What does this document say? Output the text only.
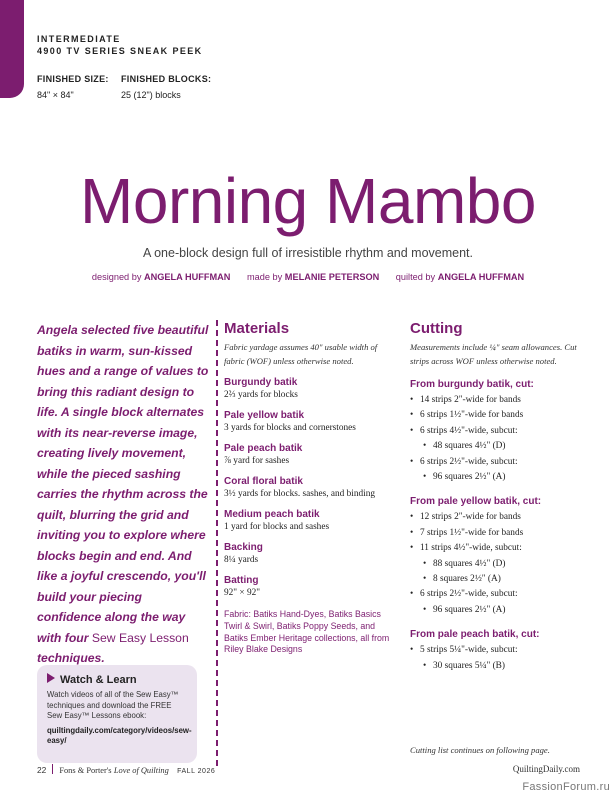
INTERMEDIATE
4900 TV SERIES SNEAK PEEK
FINISHED SIZE:
84" × 84"
FINISHED BLOCKS:
25 (12") blocks
Morning Mambo
A one-block design full of irresistible rhythm and movement.
designed by ANGELA HUFFMAN made by MELANIE PETERSON quilted by ANGELA HUFFMAN
Angela selected five beautiful batiks in warm, sun-kissed hues and a range of values to bring this radiant design to life. A single block alternates with its near-reverse image, creating lively movement, while the pieced sashing carries the rhythm across the quilt, blurring the grid and inviting you to explore where blocks begin and end. And like a joyful crescendo, you'll build your piecing confidence along the way with four Sew Easy Lesson techniques.
Watch & Learn

Watch videos of all of the Sew Easy™ techniques and download the FREE Sew Easy™ Lessons ebook:

quiltingdaily.com/category/videos/sew-easy/

Materials
Fabric yardage assumes 40" usable width of fabric (WOF) unless otherwise noted.
Burgundy batik
2⅔ yards for blocks
Pale yellow batik
3 yards for blocks and cornerstones
Pale peach batik
⅞ yard for sashes
Coral floral batik
3½ yards for blocks. sashes, and binding
Medium peach batik
1 yard for blocks and sashes
Backing
8¼ yards
Batting
92" × 92"
Fabric: Batiks Hand-Dyes, Batiks Basics Twirl & Swirl, Batiks Poppy Seeds, and Batiks Ember Heritage collections, all from Riley Blake Designs
Cutting
Measurements include ¼" seam allowances. Cut strips across WOF unless otherwise noted.
From burgundy batik, cut:
• 14 strips 2"-wide for bands
• 6 strips 1½"-wide for bands
• 6 strips 4½"-wide, subcut:
• 48 squares 4½" (D)
• 6 strips 2½"-wide, subcut:
• 96 squares 2½" (A)
From pale yellow batik, cut:
• 12 strips 2"-wide for bands
• 7 strips 1½"-wide for bands
• 11 strips 4½"-wide, subcut:
• 88 squares 4½" (D)
• 8 squares 2½" (A)
• 6 strips 2½"-wide, subcut:
• 96 squares 2½" (A)
From pale peach batik, cut:
• 5 strips 5¼"-wide, subcut:
• 30 squares 5¼" (B)
Cutting list continues on following page.
22 Fons & Porter's Love of Quilting FALL 2026	QuiltingDaily.com
FassionForum.ru
